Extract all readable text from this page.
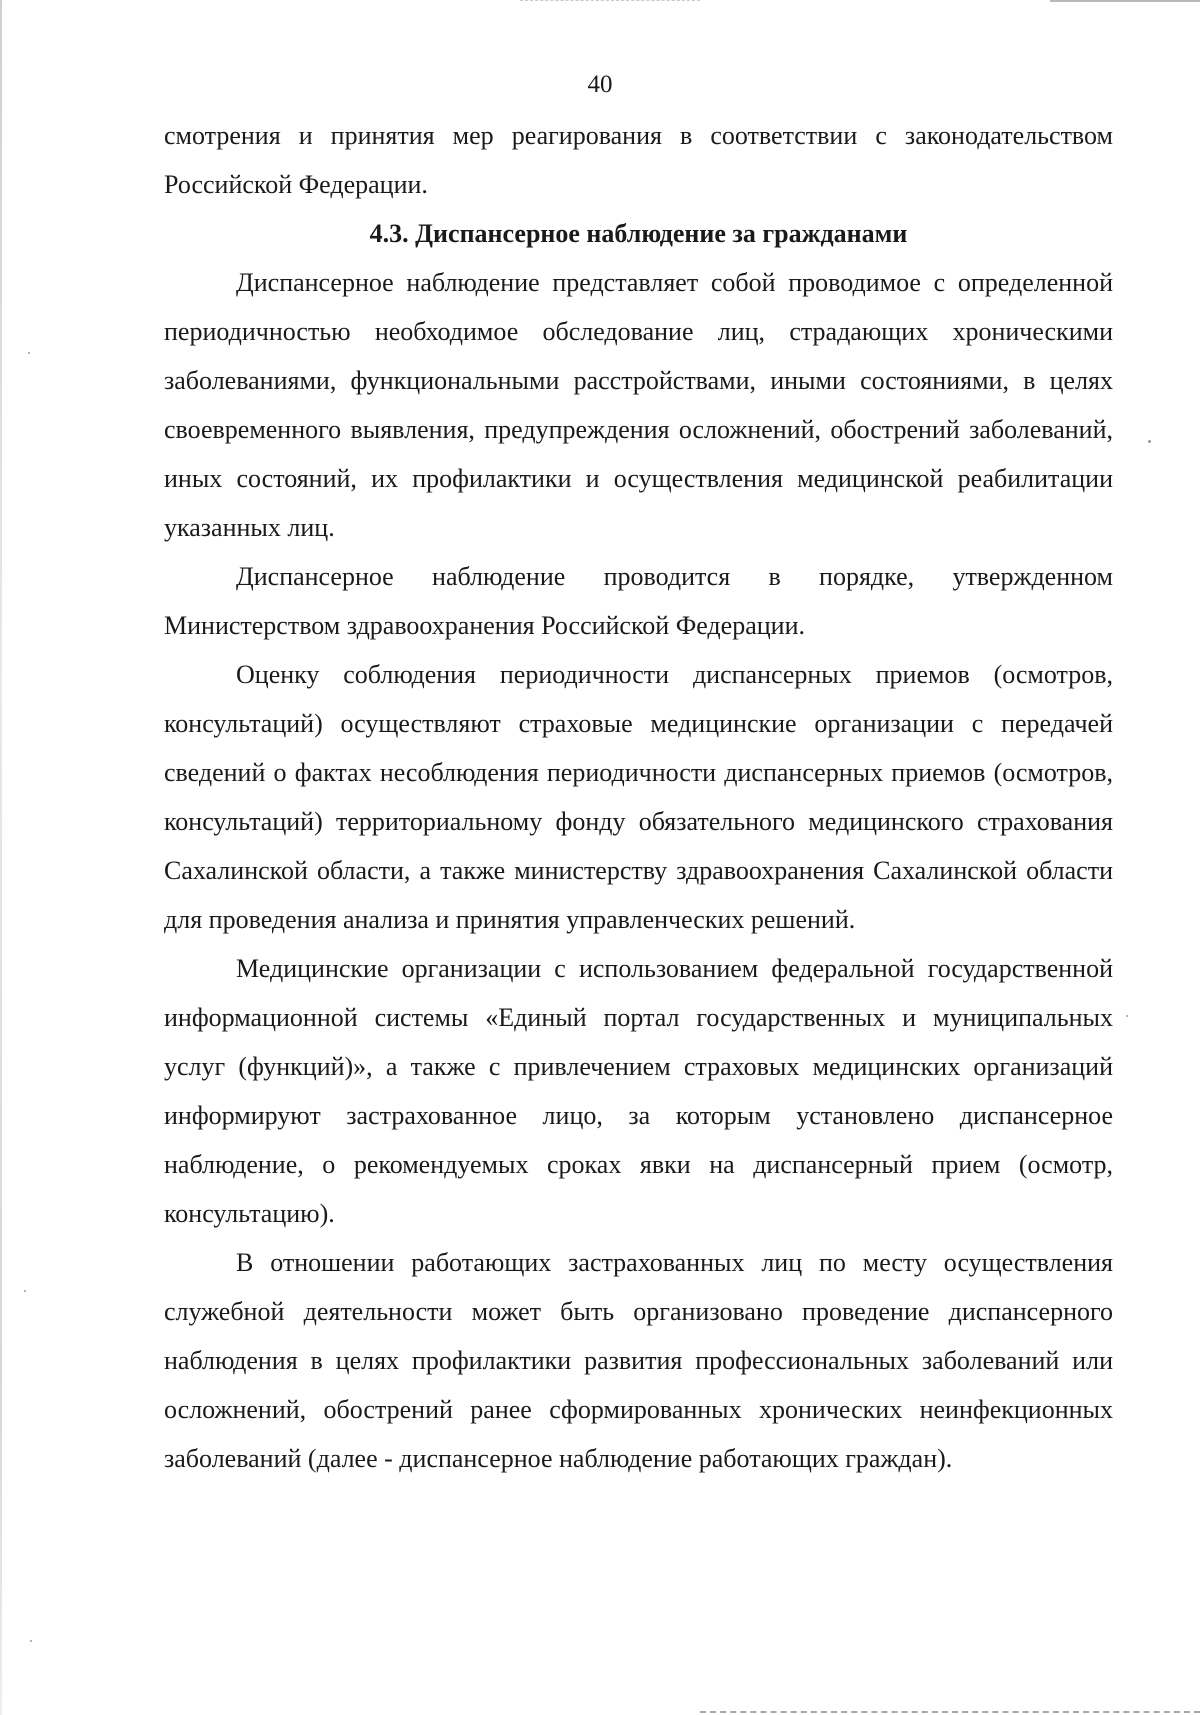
40

смотрения и принятия мер реагирования в соответствии с законодательством Российской Федерации.

4.3. Диспансерное наблюдение за гражданами

Диспансерное наблюдение представляет собой проводимое с определенной периодичностью необходимое обследование лиц, страдающих хроническими заболеваниями, функциональными расстройствами, иными состояниями, в целях своевременного выявления, предупреждения осложнений, обострений заболеваний, иных состояний, их профилактики и осуществления медицинской реабилитации указанных лиц.

Диспансерное наблюдение проводится в порядке, утвержденном Министерством здравоохранения Российской Федерации.

Оценку соблюдения периодичности диспансерных приемов (осмотров, консультаций) осуществляют страховые медицинские организации с передачей сведений о фактах несоблюдения периодичности диспансерных приемов (осмотров, консультаций) территориальному фонду обязательного медицинского страхования Сахалинской области, а также министерству здравоохранения Сахалинской области для проведения анализа и принятия управленческих решений.

Медицинские организации с использованием федеральной государственной информационной системы «Единый портал государственных и муниципальных услуг (функций)», а также с привлечением страховых медицинских организаций информируют застрахованное лицо, за которым установлено диспансерное наблюдение, о рекомендуемых сроках явки на диспансерный прием (осмотр, консультацию).

В отношении работающих застрахованных лиц по месту осуществления служебной деятельности может быть организовано проведение диспансерного наблюдения в целях профилактики развития профессиональных заболеваний или осложнений, обострений ранее сформированных хронических неинфекционных заболеваний (далее - диспансерное наблюдение работающих граждан).
